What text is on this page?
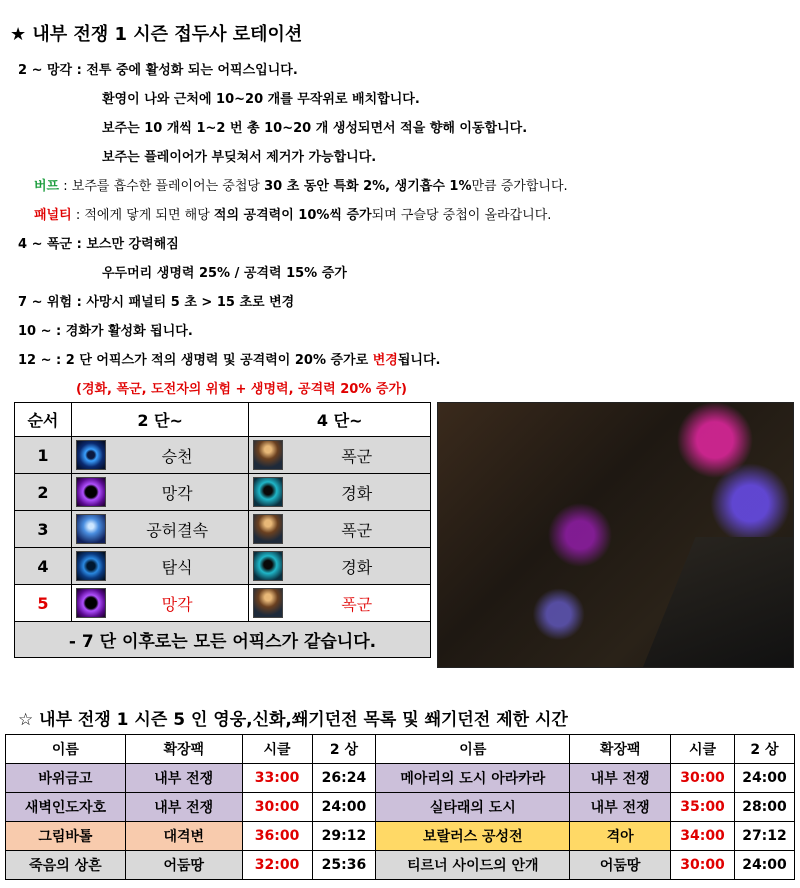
★ 내부 전쟁 1 시즌 접두사 로테이션
2 ~ 망각 : 전투 중에 활성화 되는 어픽스입니다.
환영이 나와 근처에 10~20 개를 무작위로 배치합니다.
보주는 10 개씩 1~2 번 총 10~20 개 생성되면서 적을 향해 이동합니다.
보주는 플레이어가 부딪쳐서 제거가 가능합니다.
버프 : 보주를 흡수한 플레이어는 중첩당 30 초 동안 특화 2%, 생기흡수 1%만큼 증가합니다.
패널티 : 적에게 닿게 되면 해당 적의 공격력이 10%씩 증가되며 구슬당 중첩이 올라갑니다.
4 ~ 폭군 : 보스만 강력해짐
우두머리 생명력 25% / 공격력 15% 증가
7 ~ 위험 : 사망시 패널티 5 초 > 15 초로 변경
10 ~ : 경화가 활성화 됩니다.
12 ~ : 2 단 어픽스가 적의 생명력 및 공격력이 20% 증가로 변경됩니다.
(경화, 폭군, 도전자의 위험 + 생명력, 공격력 20% 증가)
순서	2 단~	4 단~
1	승천	폭군

2	망각	경화

3	공허결속	폭군

4	탐식	경화

5	망각	폭군

- 7 단 이후로는 모든 어픽스가 같습니다.		
☆ 내부 전쟁 1 시즌 5 인 영웅,신화,쐐기던전 목록 및 쐐기던전 제한 시간
이름	확장팩	시클	2 상	이름	확장팩	시클	2 상
바위금고	내부 전쟁	33:00	26:24	메아리의 도시 아라카라	내부 전쟁	30:00	24:00
새벽인도자호	내부 전쟁	30:00	24:00	실타래의 도시	내부 전쟁	35:00	28:00
그림바톨	대격변	36:00	29:12	보랄러스 공성전	격아	34:00	27:12
죽음의 상흔	어둠땅	32:00	25:36	티르너 사이드의 안개	어둠땅	30:00	24:00
